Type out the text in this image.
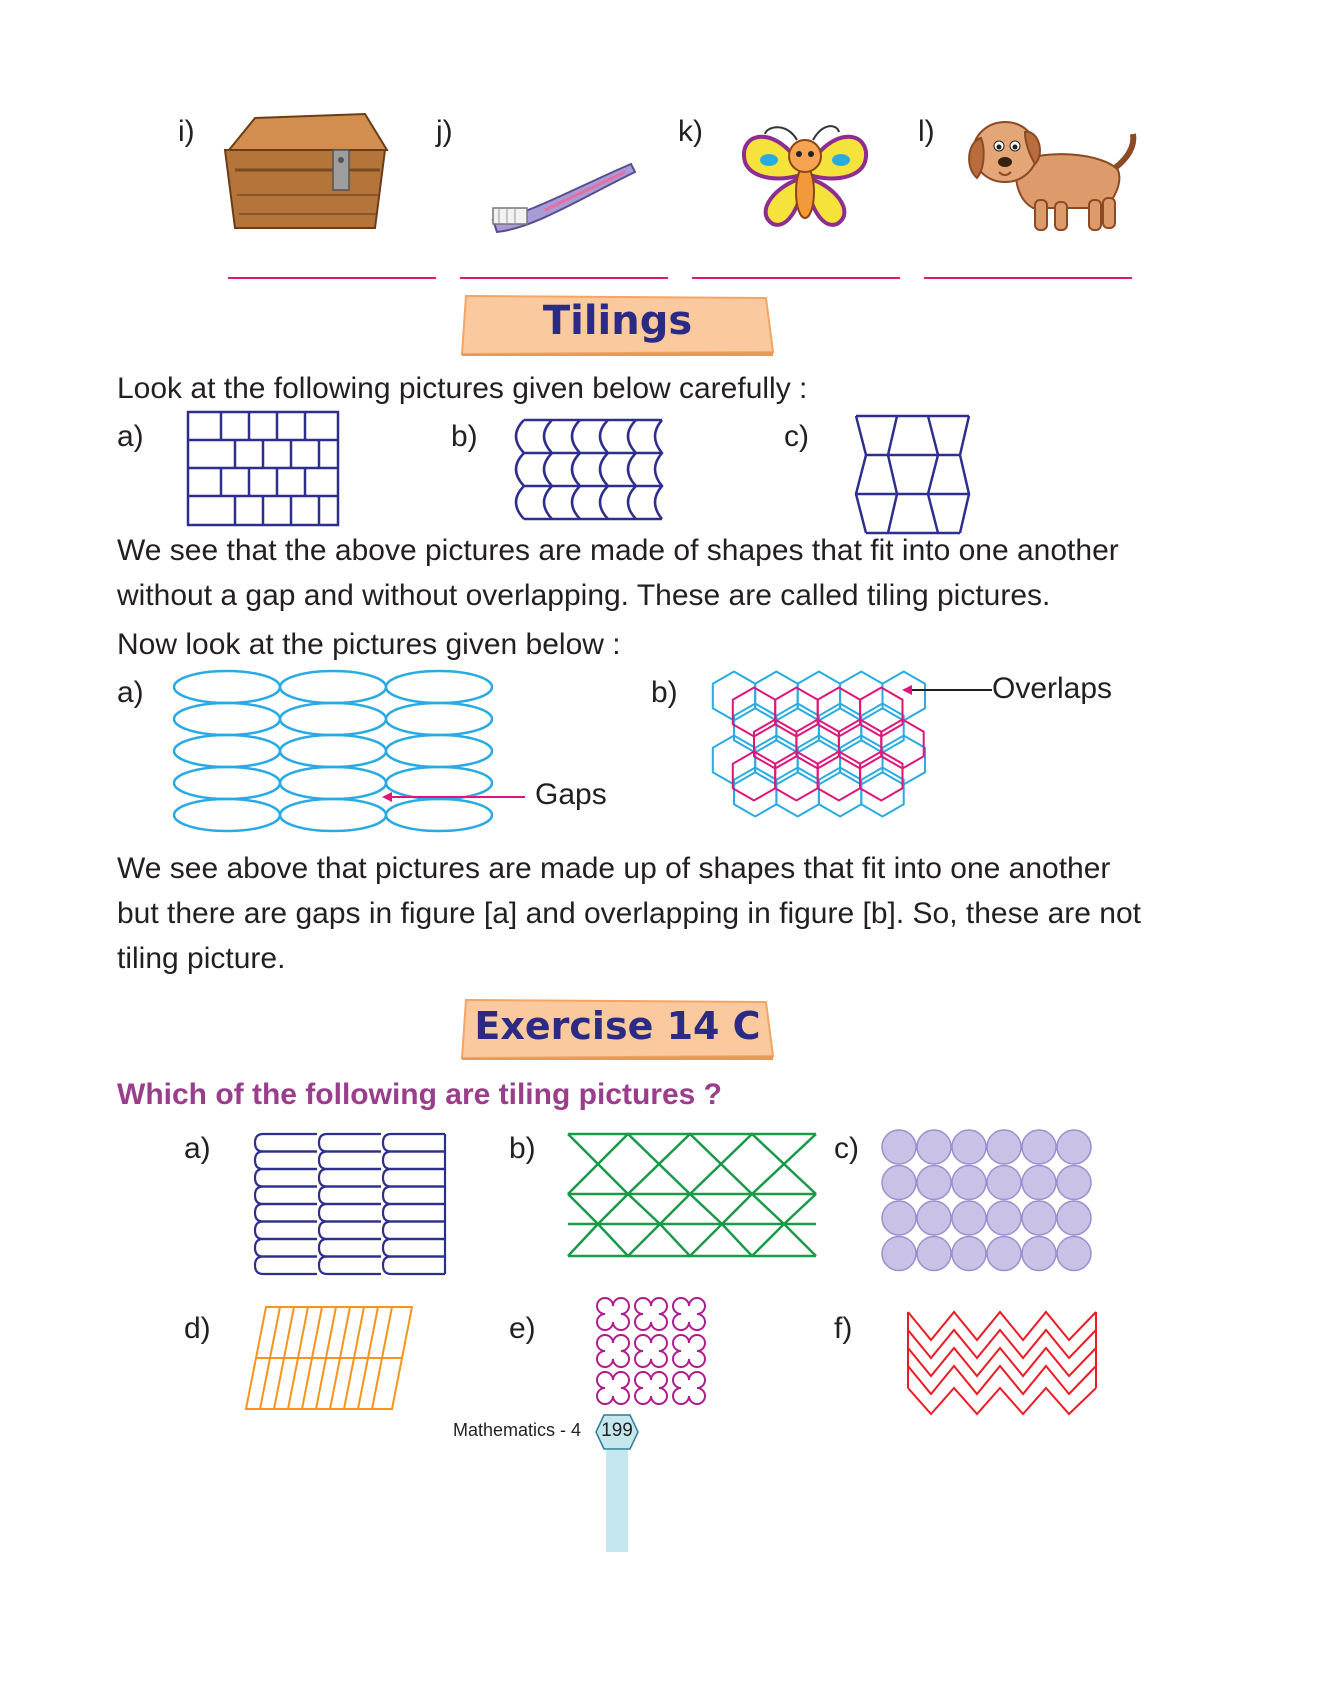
i)	j)	k)	l)
Tilings
Look at the following pictures given below carefully :
a)	b)	c)
We see that the above pictures are made of shapes that fit into one another
without a gap and without overlapping. These are called tiling pictures.
Now look at the pictures given below :
a)	b)
Gaps
Overlaps
We see above that pictures are made up of shapes that fit into one another
but there are gaps in figure [a] and overlapping in figure [b]. So, these are not
tiling picture.
Exercise 14 C
Which of the following are tiling pictures ?
a)	b)	c)
d)	e)	f)
Mathematics - 4	199
